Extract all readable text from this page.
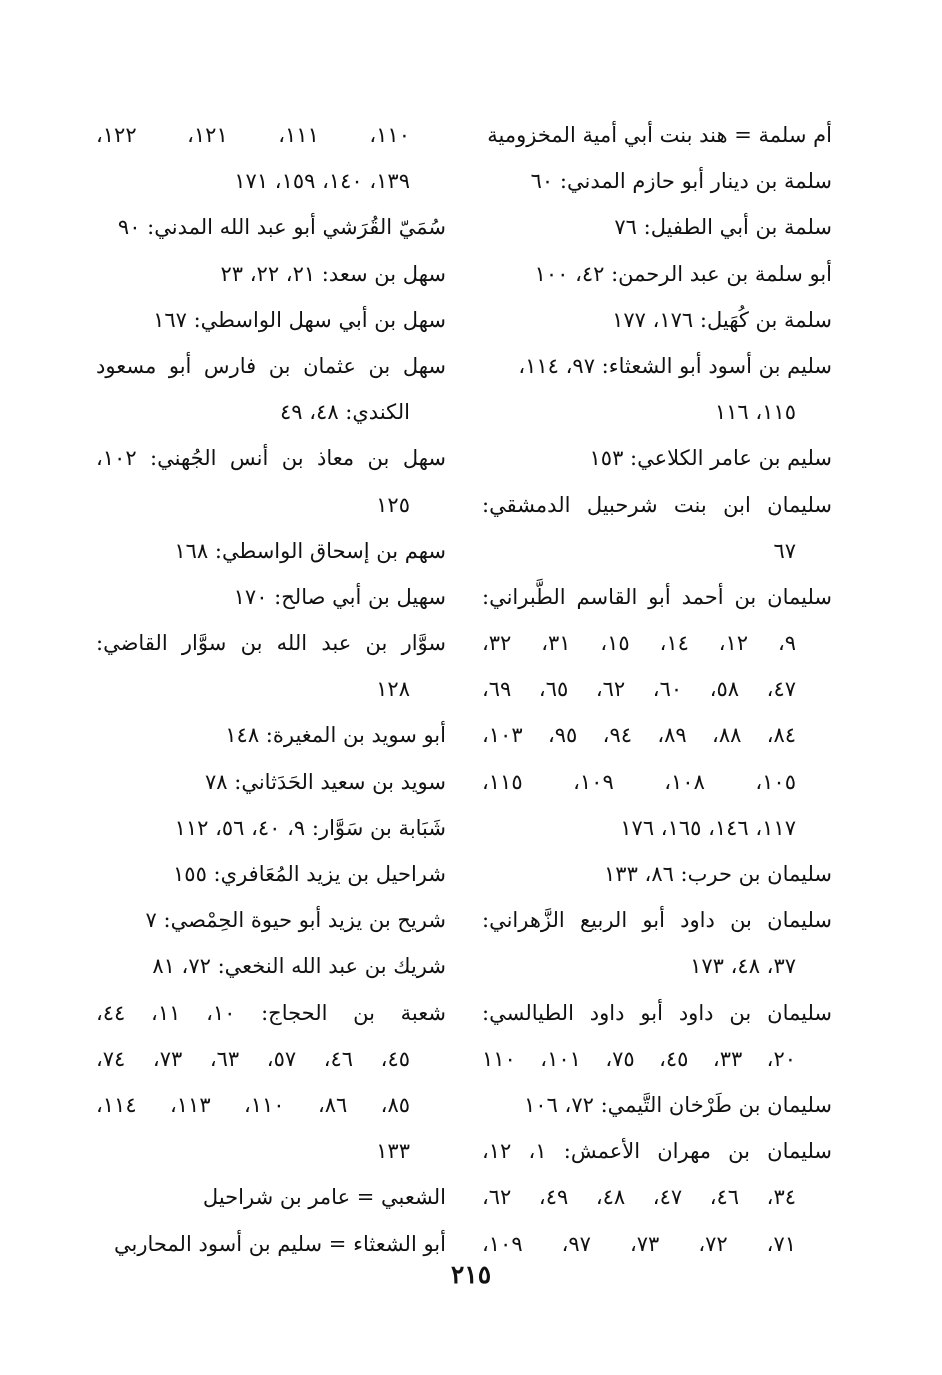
أم سلمة = هند بنت أبي أمية المخزومية
سلمة بن دينار أبو حازم المدني: ٦٠
سلمة بن أبي الطفيل: ٧٦
أبو سلمة بن عبد الرحمن: ٤٢، ١٠٠
سلمة بن كُهَيل: ١٧٦، ١٧٧
سليم بن أسود أبو الشعثاء: ٩٧، ١١٤،
١١٥، ١١٦
سليم بن عامر الكلاعي: ١٥٣
سليمان ابن بنت شرحبيل الدمشقي:
٦٧
سليمان بن أحمد أبو القاسم الطَّبراني:
٩، ١٢، ١٤، ١٥، ٣١، ٣٢،
٤٧، ٥٨، ٦٠، ٦٢، ٦٥، ٦٩،
٨٤، ٨٨، ٨٩، ٩٤، ٩٥، ١٠٣،
١٠٥، ١٠٨، ١٠٩، ١١٥،
١١٧، ١٤٦، ١٦٥، ١٧٦
سليمان بن حرب: ٨٦، ١٣٣
سليمان بن داود أبو الربيع الزَّهراني:
٣٧، ٤٨، ١٧٣
سليمان بن داود أبو داود الطيالسي:
٢٠، ٣٣، ٤٥، ٧٥، ١٠١، ١١٠
سليمان بن طَرْخان التَّيمي: ٧٢، ١٠٦
سليمان بن مهران الأعمش: ١، ١٢،
٣٤، ٤٦، ٤٧، ٤٨، ٤٩، ٦٢،
٧١، ٧٢، ٧٣، ٩٧، ١٠٩،
١١٠، ١١١، ١٢١، ١٢٢،
١٣٩، ١٤٠، ١٥٩، ١٧١
سُمَيّ القُرَشي أبو عبد الله المدني: ٩٠
سهل بن سعد: ٢١، ٢٢، ٢٣
سهل بن أبي سهل الواسطي: ١٦٧
سهل بن عثمان بن فارس أبو مسعود
الكندي: ٤٨، ٤٩
سهل بن معاذ بن أنس الجُهني: ١٠٢،
١٢٥
سهم بن إسحاق الواسطي: ١٦٨
سهيل بن أبي صالح: ١٧٠
سوَّار بن عبد الله بن سوَّار القاضي:
١٢٨
أبو سويد بن المغيرة: ١٤٨
سويد بن سعيد الحَدَثاني: ٧٨
شَبَابة بن سَوَّار: ٩، ٤٠، ٥٦، ١١٢
شراحيل بن يزيد المُعَافري: ١٥٥
شريح بن يزيد أبو حيوة الحِمْصي: ٧
شريك بن عبد الله النخعي: ٧٢، ٨١
شعبة بن الحجاج: ١٠، ١١، ٤٤،
٤٥، ٤٦، ٥٧، ٦٣، ٧٣، ٧٤،
٨٥، ٨٦، ١١٠، ١١٣، ١١٤،
١٣٣
الشعبي = عامر بن شراحيل
أبو الشعثاء = سليم بن أسود المحاربي
٢١٥
